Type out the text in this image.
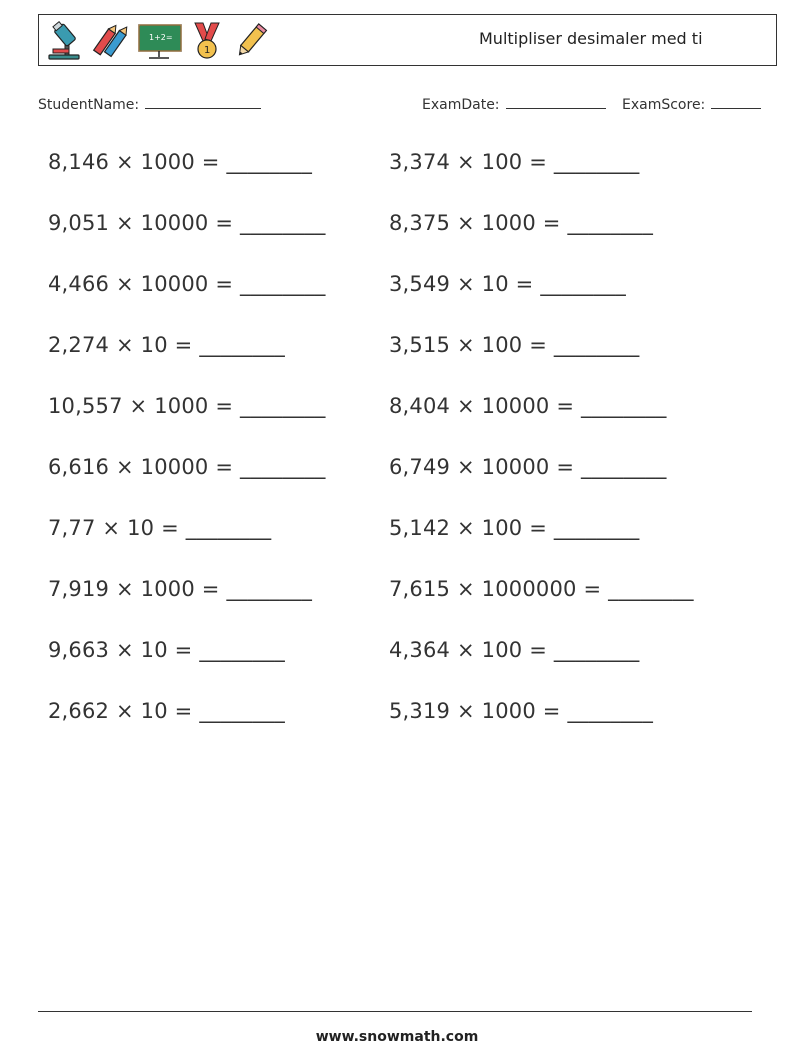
1+2=
1
Multipliser desimaler med ti
StudentName:	ExamDate:	ExamScore:
8,146 × 1000 = ________
9,051 × 10000 = ________
4,466 × 10000 = ________
2,274 × 10 = ________
10,557 × 1000 = ________
6,616 × 10000 = ________
7,77 × 10 = ________
7,919 × 1000 = ________
9,663 × 10 = ________
2,662 × 10 = ________
3,374 × 100 = ________
8,375 × 1000 = ________
3,549 × 10 = ________
3,515 × 100 = ________
8,404 × 10000 = ________
6,749 × 10000 = ________
5,142 × 100 = ________
7,615 × 1000000 = ________
4,364 × 100 = ________
5,319 × 1000 = ________
www.snowmath.com
